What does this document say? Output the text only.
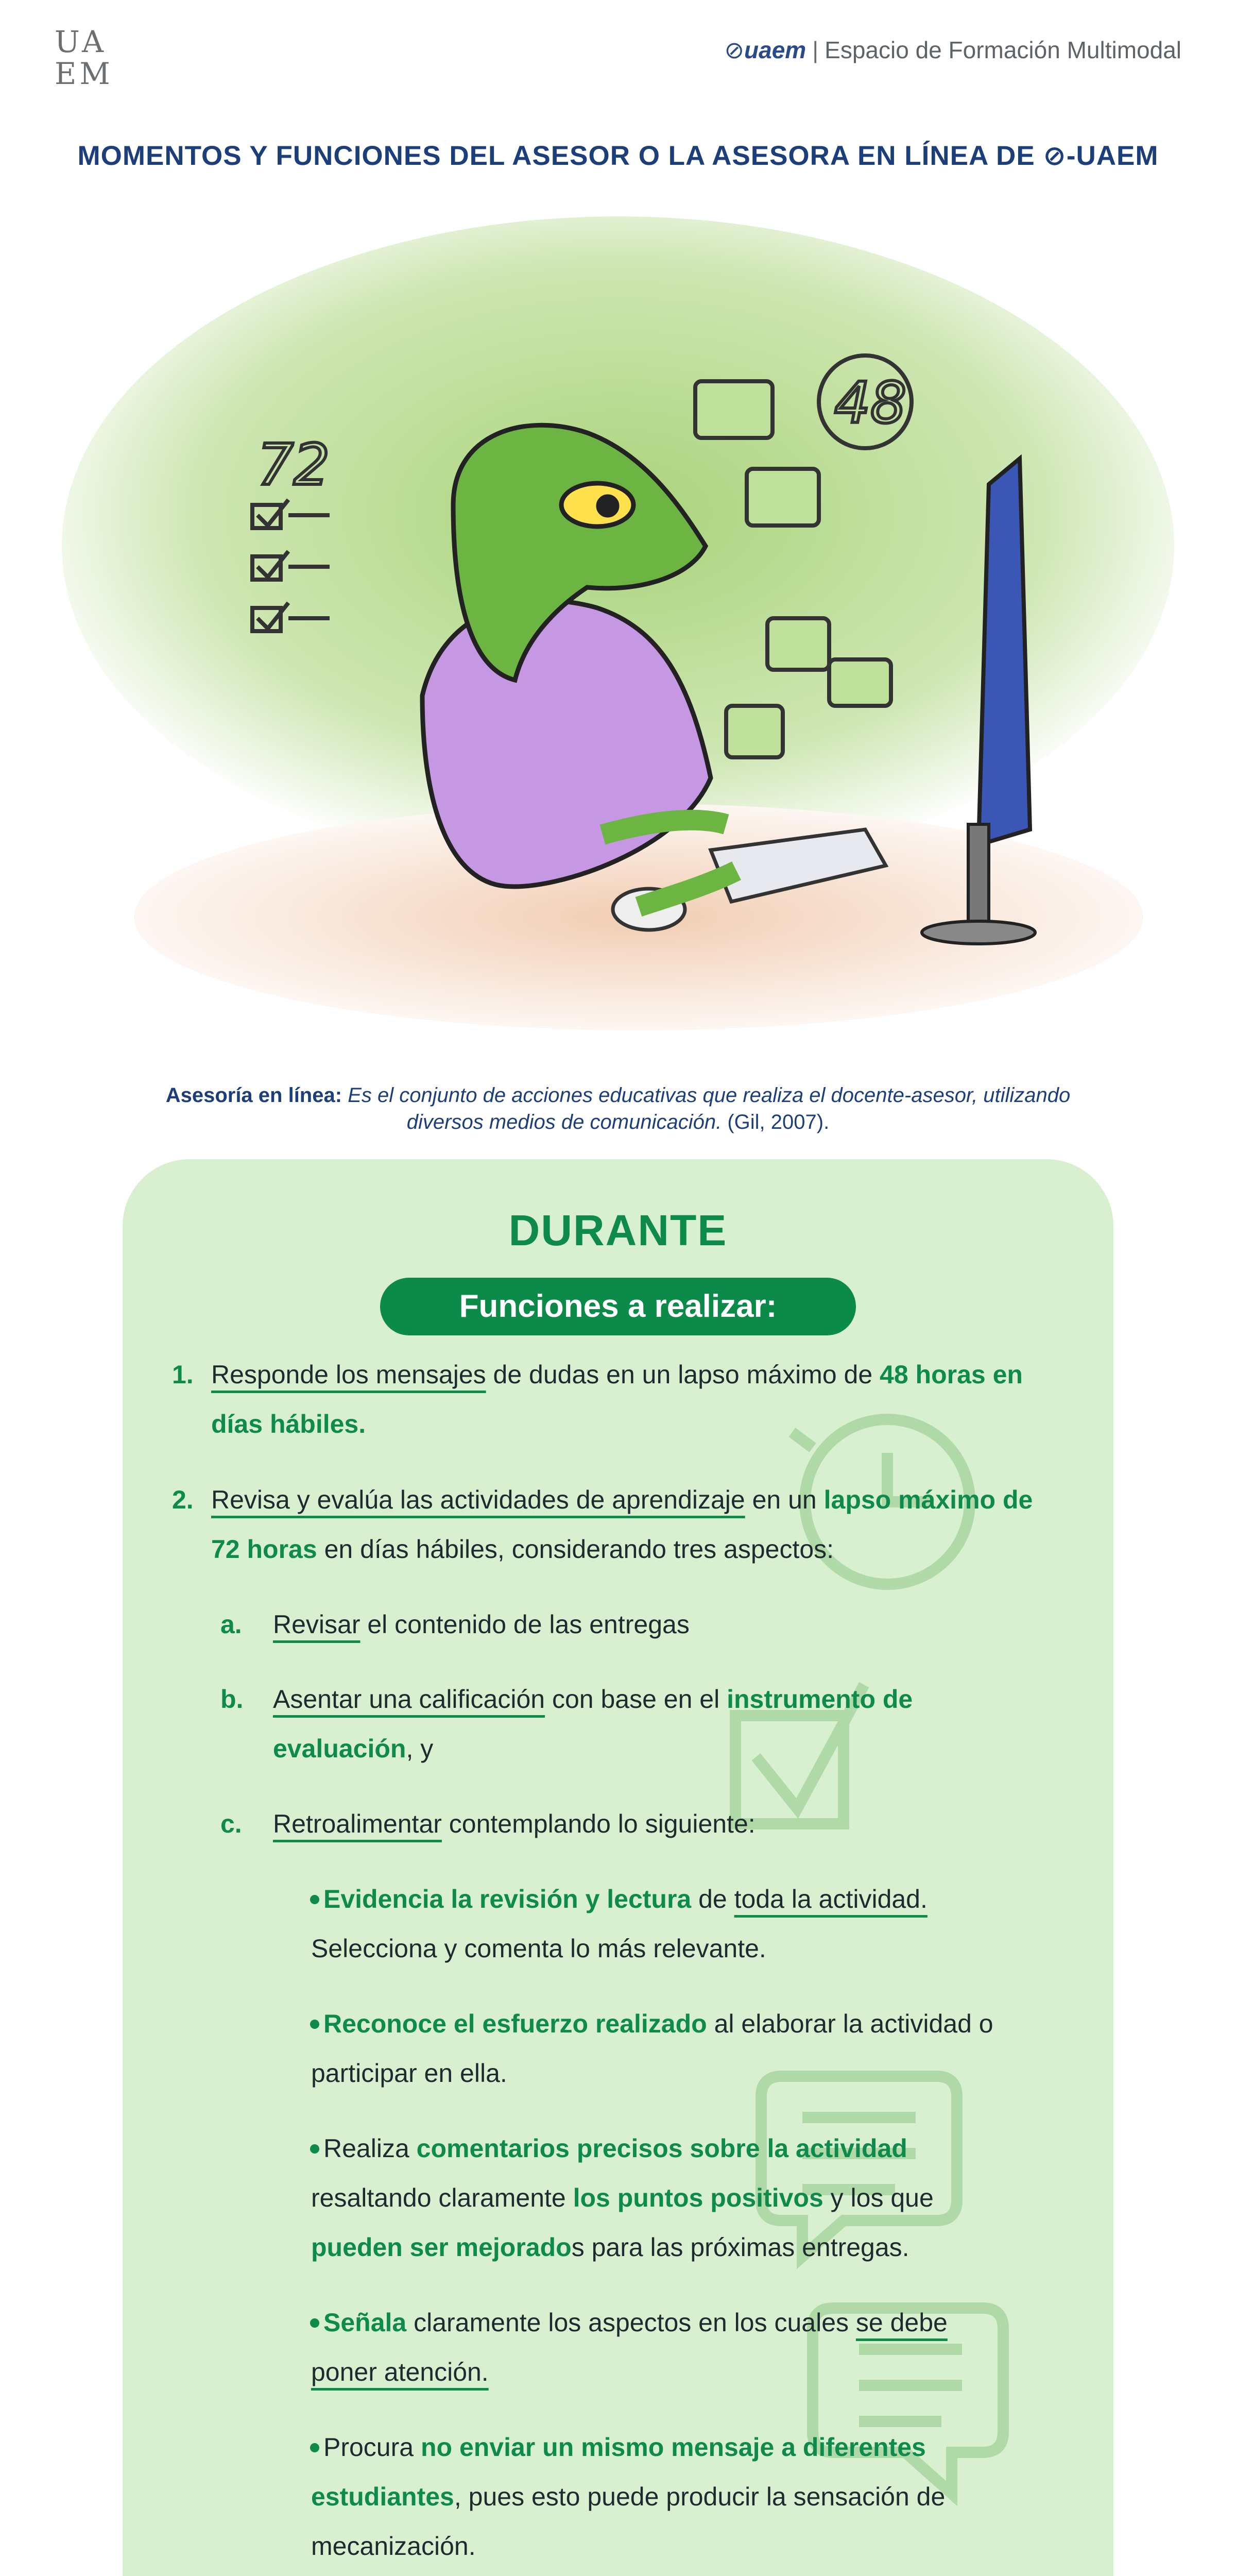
UA EM
⊘uaem | Espacio de Formación Multimodal
MOMENTOS Y FUNCIONES DEL ASESOR O LA ASESORA EN LÍNEA DE ⊘-UAEM
72
48
Asesoría en línea: Es el conjunto de acciones educativas que realiza el docente-asesor, utilizando diversos medios de comunicación. (Gil, 2007).
DURANTE
Funciones a realizar:
1. Responde los mensajes de dudas en un lapso máximo de 48 horas en días hábiles.
2. Revisa y evalúa las actividades de aprendizaje en un lapso máximo de 72 horas en días hábiles, considerando tres aspectos:
a. Revisar el contenido de las entregas
b. Asentar una calificación con base en el instrumento de evaluación, y
c. Retroalimentar contemplando lo siguiente:
Evidencia la revisión y lectura de toda la actividad.
Selecciona y comenta lo más relevante.
Reconoce el esfuerzo realizado al elaborar la actividad o participar en ella.
Realiza comentarios precisos sobre la actividad
resaltando claramente los puntos positivos y los que
pueden ser mejorados para las próximas entregas.
Señala claramente los aspectos en los cuales se debe
poner atención.
Procura no enviar un mismo mensaje a diferentes
estudiantes, pues esto puede producir la sensación de mecanización.
